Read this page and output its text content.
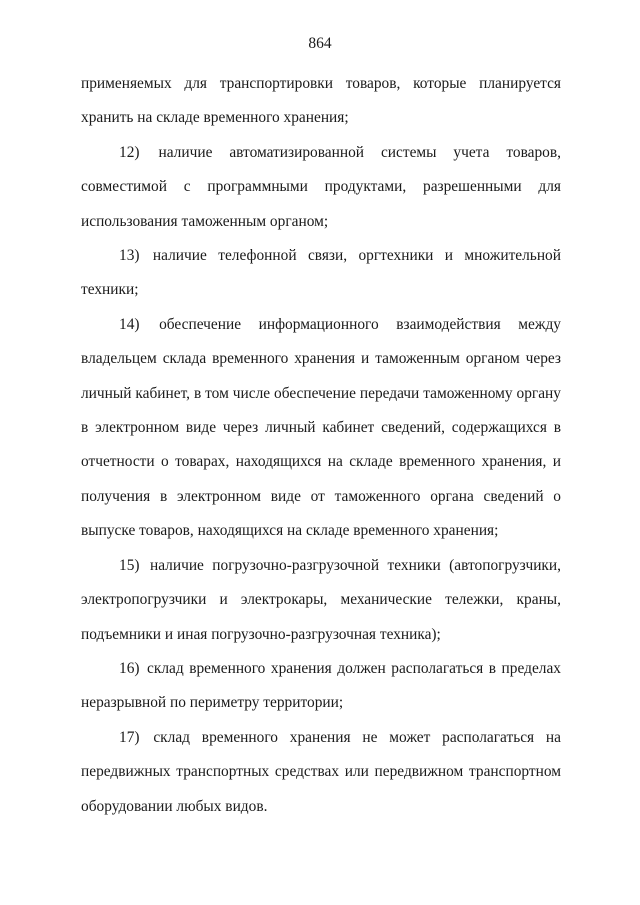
864

применяемых для транспортировки товаров, которые планируется хранить на складе временного хранения;

12) наличие автоматизированной системы учета товаров, совместимой с программными продуктами, разрешенными для использования таможенным органом;

13) наличие телефонной связи, оргтехники и множительной техники;

14) обеспечение информационного взаимодействия между владельцем склада временного хранения и таможенным органом через личный кабинет, в том числе обеспечение передачи таможенному органу в электронном виде через личный кабинет сведений, содержащихся в отчетности о товарах, находящихся на складе временного хранения, и получения в электронном виде от таможенного органа сведений о выпуске товаров, находящихся на складе временного хранения;

15) наличие погрузочно-разгрузочной техники (автопогрузчики, электропогрузчики и электрокары, механические тележки, краны, подъемники и иная погрузочно-разгрузочная техника);

16) склад временного хранения должен располагаться в пределах неразрывной по периметру территории;

17) склад временного хранения не может располагаться на передвижных транспортных средствах или передвижном транспортном оборудовании любых видов.
